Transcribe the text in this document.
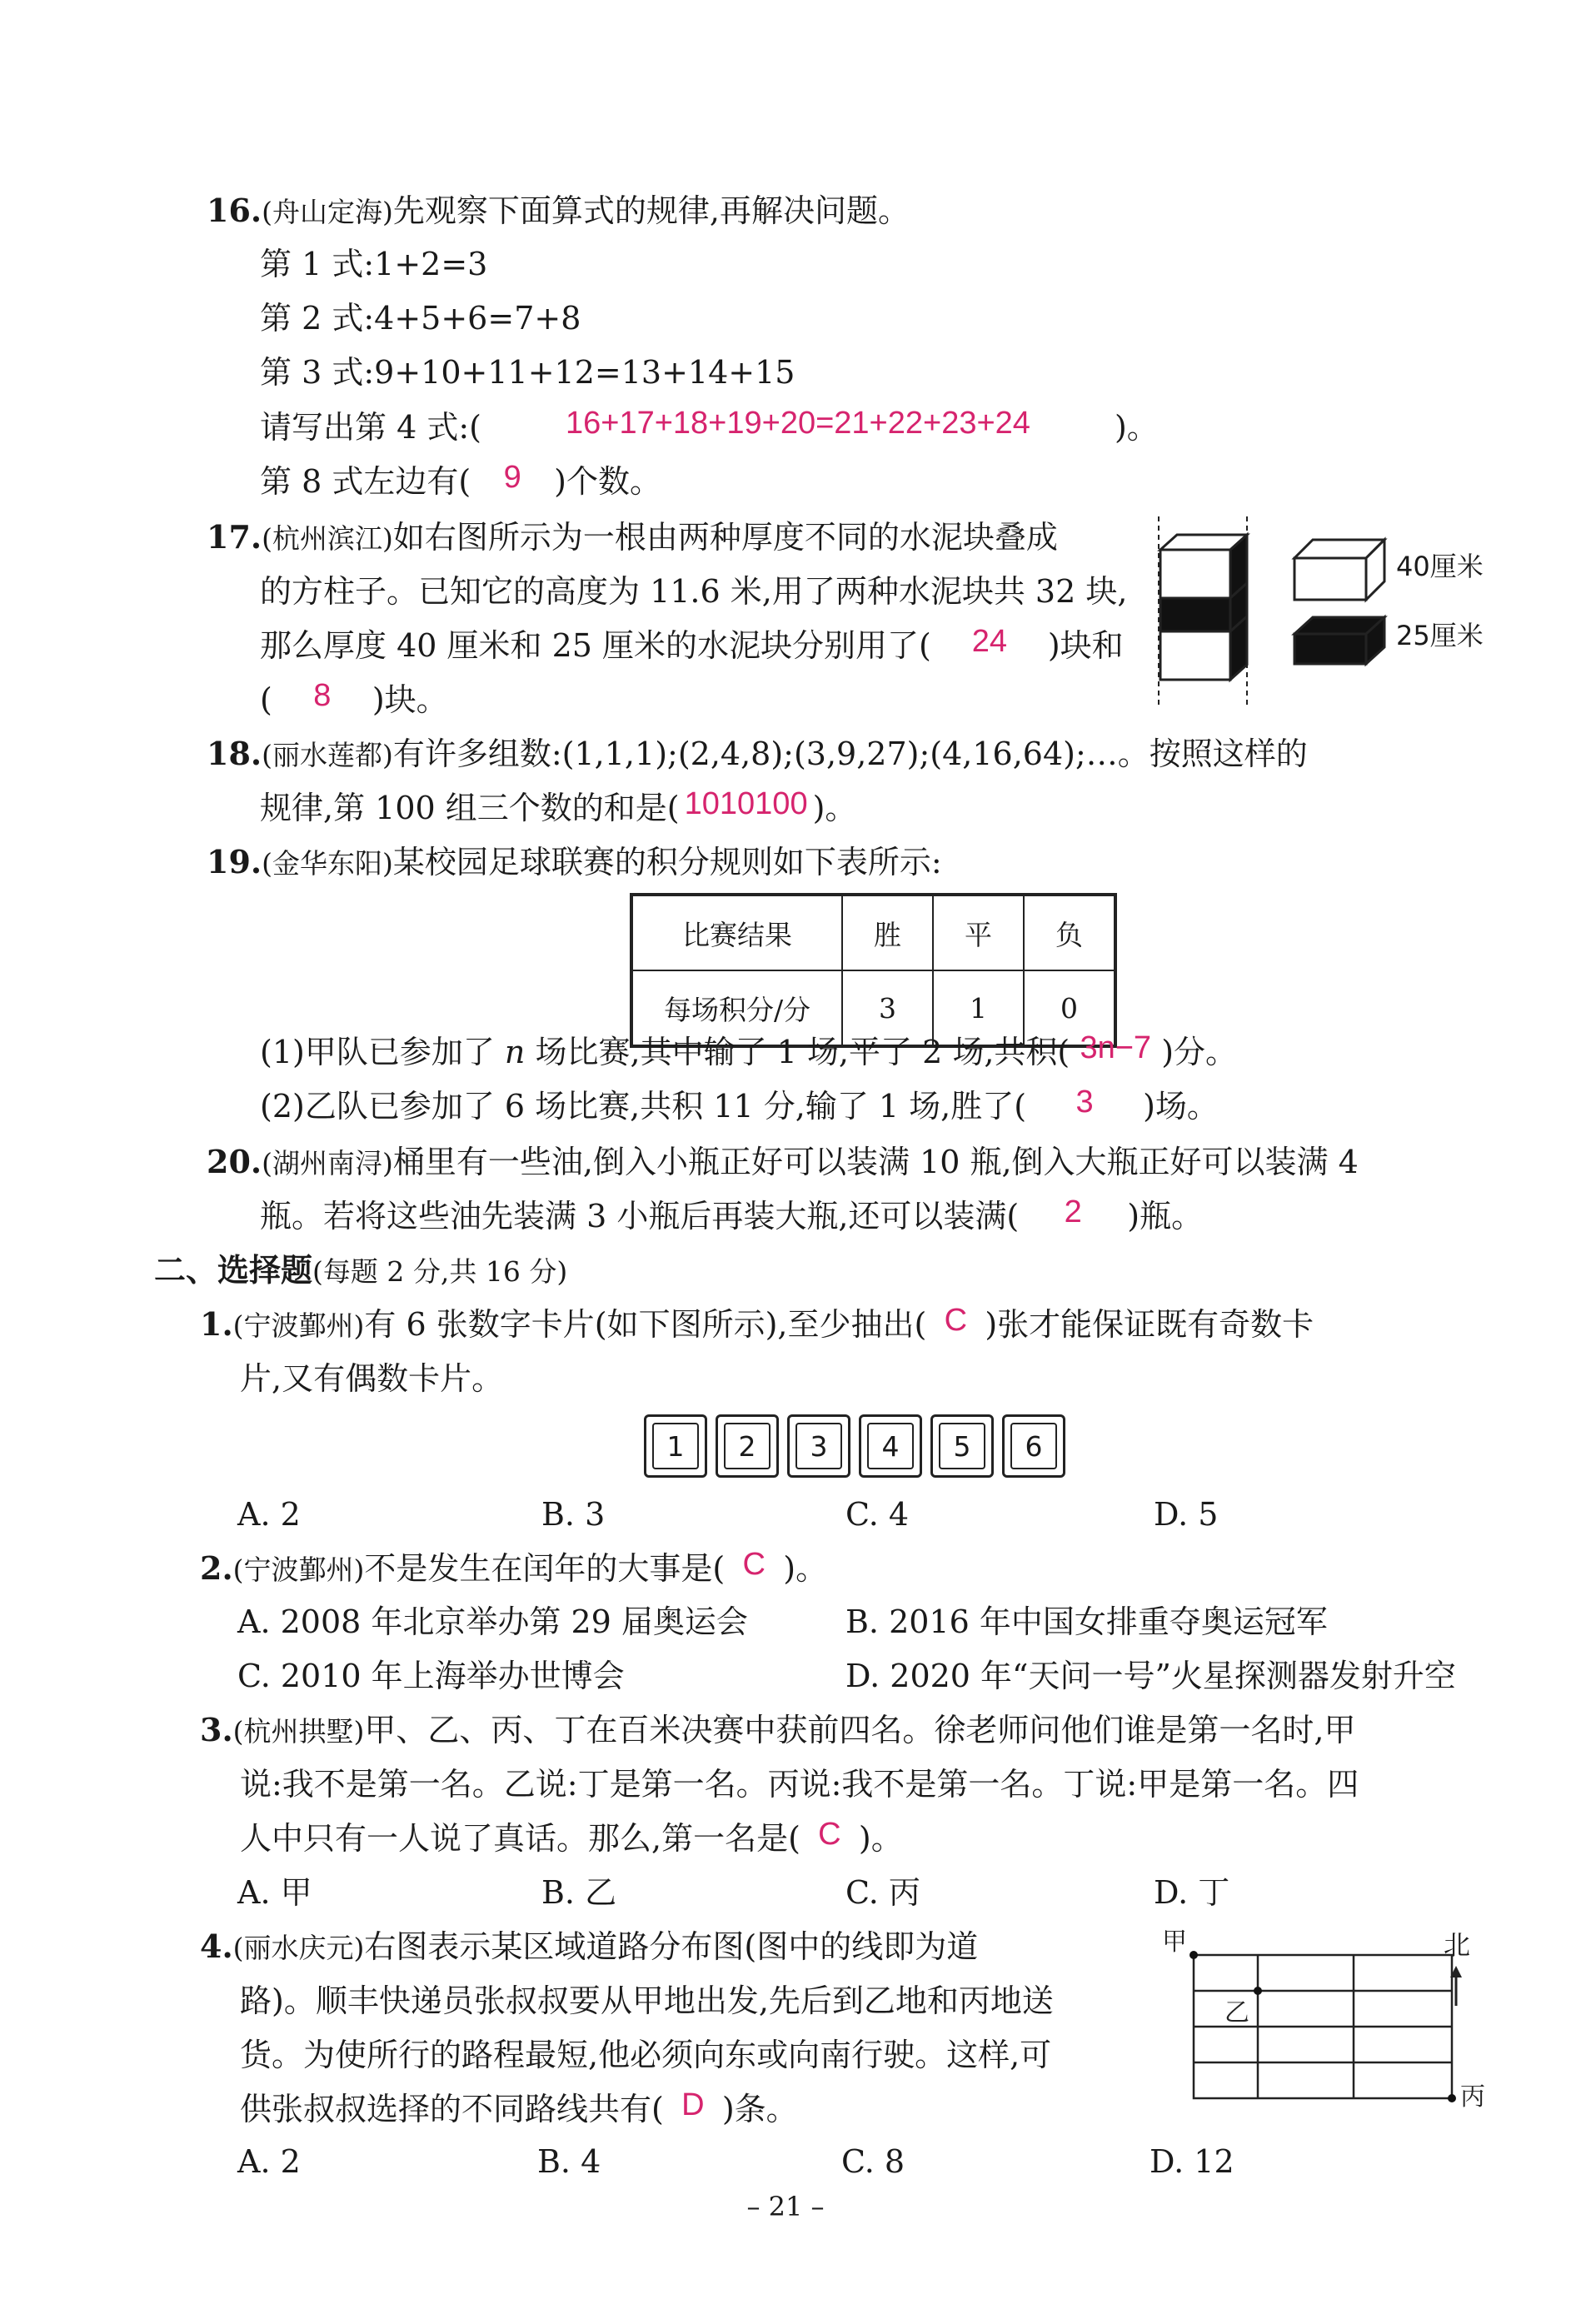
16.(舟山定海)先观察下面算式的规律,再解决问题。
第 1 式:1+2=3
第 2 式:4+5+6=7+8
第 3 式:9+10+11+12=13+14+15
请写出第 4 式:(	16+17+18+19+20=21+22+23+24	)。
第 8 式左边有( 9 )个数。
17.(杭州滨江)如右图所示为一根由两种厚度不同的水泥块叠成
的方柱子。已知它的高度为 11.6 米,用了两种水泥块共 32 块,
那么厚度 40 厘米和 25 厘米的水泥块分别用了( 24 )块和
( 8 )块。
40厘米
25厘米
18.(丽水莲都)有许多组数:(1,1,1);(2,4,8);(3,9,27);(4,16,64);…。按照这样的
规律,第 100 组三个数的和是( 1010100 )。
19.(金华东阳)某校园足球联赛的积分规则如下表所示:
比赛结果	胜	平	负
每场积分/分	3	1	0
(1)甲队已参加了 n 场比赛,其中输了 1 场,平了 2 场,共积( 3n−7 )分。
(2)乙队已参加了 6 场比赛,共积 11 分,输了 1 场,胜了( 3 )场。
20.(湖州南浔)桶里有一些油,倒入小瓶正好可以装满 10 瓶,倒入大瓶正好可以装满 4
瓶。若将这些油先装满 3 小瓶后再装大瓶,还可以装满( 2 )瓶。
二、选择题(每题 2 分,共 16 分)
1.(宁波鄞州)有 6 张数字卡片(如下图所示),至少抽出( C )张才能保证既有奇数卡
片,又有偶数卡片。
1	2	3	4	5	6
A. 2	B. 3	C. 4	D. 5
2.(宁波鄞州)不是发生在闰年的大事是( C )。
A. 2008 年北京举办第 29 届奥运会	B. 2016 年中国女排重夺奥运冠军
C. 2010 年上海举办世博会	D. 2020 年“天问一号”火星探测器发射升空
3.(杭州拱墅)甲、乙、丙、丁在百米决赛中获前四名。徐老师问他们谁是第一名时,甲
说:我不是第一名。乙说:丁是第一名。丙说:我不是第一名。丁说:甲是第一名。四
人中只有一人说了真话。那么,第一名是( C )。
A. 甲	B. 乙	C. 丙	D. 丁
4.(丽水庆元)右图表示某区域道路分布图(图中的线即为道
路)。顺丰快递员张叔叔要从甲地出发,先后到乙地和丙地送
货。为使所行的路程最短,他必须向东或向南行驶。这样,可
供张叔叔选择的不同路线共有( D )条。
甲
乙
丙
北
A. 2	B. 4	C. 8	D. 12
– 21 –
